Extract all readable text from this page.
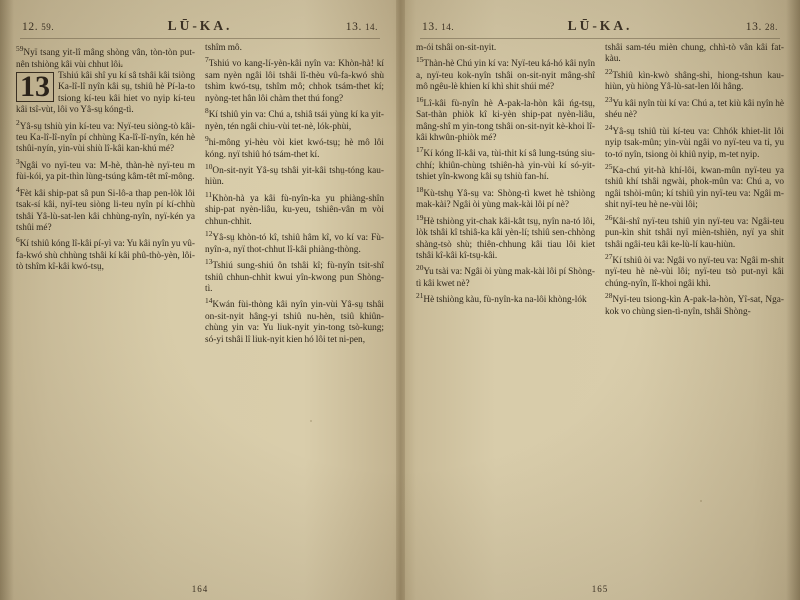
12. 59.	LŪ-KA.	13. 14.

$^{59}$Nyï tsang yit-lî mâng shòng vân, tòn-tòn put-nên tshiòng kâi vùi chhut lôi.

13 Tshiú kâi shî yu kí sâ tshâi kâi tsiòng Ka-lî-lî nyîn kâi sṳ, tshiû hè Pí-la-to tsiong kí-teu kâi hiet vo nyip kí-teu kâi tsî-vùt, lôi vo Yâ-sṳ kóng-tì.

$^2$Yâ-sṳ tshiù yin kí-teu va: Nyï-teu siòng-tò kâi-teu Ka-lî-lî-nyîn pí chhùng Ka-lî-lî-nyîn, kén hè tshûi-nyín, yin-vùi shiù lî-kâi kan-khú mé?

$^3$Ngâi vo nyï-teu va: M-hè, thàn-hè nyï-teu m fùi-kói, ya pit-thìn lùng-tsúng kâm-têt mî-mông.

$^4$Fèt kâi ship-pat sâ pun Si-lô-a thap pen-lòk lôi tsak-sí kâi, nyï-teu siòng li-teu nyîn pí kí-chhù tshâi Yâ-lù-sat-len kâi chhùng-nyîn, nyï-kén ya tshûi mé?

$^6$Kí tshiû kóng lî-kâi pí-yì va: Yu kâi nyîn yu vû-fa-kwó shù chhùng tshâi kí kâi phû-thò-yèn, lôi-tò tshîm kî-kâi kwó-tsṳ,

tshîm mô.

$^7$Tshiú vo kang-lí-yèn-kâi nyîn va: Khòn-hà! kí sam nyèn ngâi lôi tshâi lî-thèu vû-fa-kwó shù tshìm kwó-tsṳ, tshîm mô; chhok tsám-thet kí; nyòng-tet hân lôi chàm thet thú fong?

$^8$Kí tshiû yin va: Chú a, tshiâ tsái yùng kí ka yit-nyèn, tén ngâi chiu-vùi tet-nè, lók-phùi,

$^9$hi-mông yi-hèu vòi kiet kwó-tsṳ; hè mô lôi kóng. nyï tshiû hó tsám-thet kí.

$^{10}$On-sit-nyit Yâ-sṳ tshâi yit-kâi tshṳ-tóng kau-hiùn.

$^{11}$Khòn-hà ya kâi fù-nyîn-ka yu phiàng-shîn ship-pat nyèn-liâu, ku-yeu, tshiên-vân m vòi chhun-chhìt.

$^{12}$Yâ-sṳ khòn-tó kî, tshiû hâm kî, vo kí va: Fù-nyîn-a, nyï thot-chhut lî-kâi phiàng-thòng.

$^{13}$Tshiú sung-shiú ôn tshâi kî; fù-nyîn tsit-shî tshiû chhun-chhìt kwui yîn-kwong pun Shòng-tì.

$^{14}$Kwán fùi-thòng kâi nyîn yin-vùi Yâ-sṳ tshâi on-sit-nyit hâng-yi tshiû nu-hèn, tsiû khiûn-chùng yin va: Yu liuk-nyit yin-tong tsò-kung; só-yi tshâi lî liuk-nyit kien hó lôi tet ni-pen,

164
13. 14.	LŪ-KA.	13. 28.

m-ói tshâi on-sit-nyit.

$^{15}$Thàn-hè Chú yin kí va: Nyï-teu ká-hó kâi nyîn a, nyï-teu kok-nyîn tshâi on-sit-nyit mâng-shî mô ngêu-lè khien kí khì shit shúi mé?

$^{16}$Lî-kâi fù-nyîn hè A-pak-la-hòn kâi ńg-tsṳ, Sat-thàn phiòk kî ki-yèn ship-pat nyèn-liâu, mâng-shî m yin-tong tshâi on-sit-nyit kè-khoi lî-kâi khwûn-phiòk mé?

$^{17}$Kí kóng lî-kâi va, tùi-thit kí sâ lung-tsúng siu-chhí; khiûn-chùng tshiên-hà yin-vùi kí só-yit-tshiet yîn-kwong kâi sṳ tshiù fan-hí.

$^{18}$Kù-tshṳ Yâ-sṳ va: Shòng-tì kwet hè tshiòng mak-kài? Ngâi òi yùng mak-kài lôi pí nè?

$^{19}$Hè tshiòng yit-chak kâi-kât tsṳ, nyîn na-tó lôi, lòk tshâi kî tshiâ-ka kâi yèn-lí; tshiû sen-chhòng shàng-tsò shù; thiên-chhung kâi tiau lôi kiet tshâi kî-kâi kî-tsṳ-kâi.

$^{20}$Yu tsài va: Ngâi òi yùng mak-kài lôi pí Shòng-tì kâi kwet nè?

$^{21}$Hè tshiòng kàu, fù-nyîn-ka na-lôi khòng-lók

tshâi sam-téu mièn chung, chhì-tò vân kâi fat-kàu.

$^{22}$Tshiû kìn-kwò shâng-shì, hiong-tshun kau-hiùn, yù hiòng Yâ-lù-sat-len lôi hâng.

$^{23}$Yu kâi nyîn tùi kí va: Chú a, tet kiù kâi nyîn hè shéu nè?

$^{24}$Yâ-sṳ tshiû tùi kí-teu va: Chhók khiet-lit lôi nyip tsak-mûn; yin-vùi ngâi vo nyï-teu va ti, yu to-to nyîn, tsiong òi khiû nyip, m-tet nyip.

$^{25}$Ka-chú yit-hà khí-lôi, kwan-mûn nyï-teu ya tshiû khí tshâi ngwài, phok-mûn va: Chú a, vo ngâi tshòi-mûn; kí tshiû yin nyï-teu va: Ngâi m-shit nyï-teu hè ne-vùi lôi;

$^{26}$Kâi-shî nyï-teu tshiû yin nyï-teu va: Ngâi-teu pun-kìn shit tshâi nyï mièn-tshièn, nyï ya shit tshâi ngâi-teu kâi ke-lù-lí kau-hiùn.

$^{27}$Kí tshiû òi va: Ngâi vo nyï-teu va: Ngâi m-shit nyï-teu hè nè-vùi lôi; nyï-teu tsò put-nyì kâi chúng-nyîn, lî-khoi ngâi khì.

$^{28}$Nyï-teu tsiong-kìn A-pak-la-hòn, Yî-sat, Nga-kok vo chùng sien-tì-nyîn, tshâi Shòng-

165
